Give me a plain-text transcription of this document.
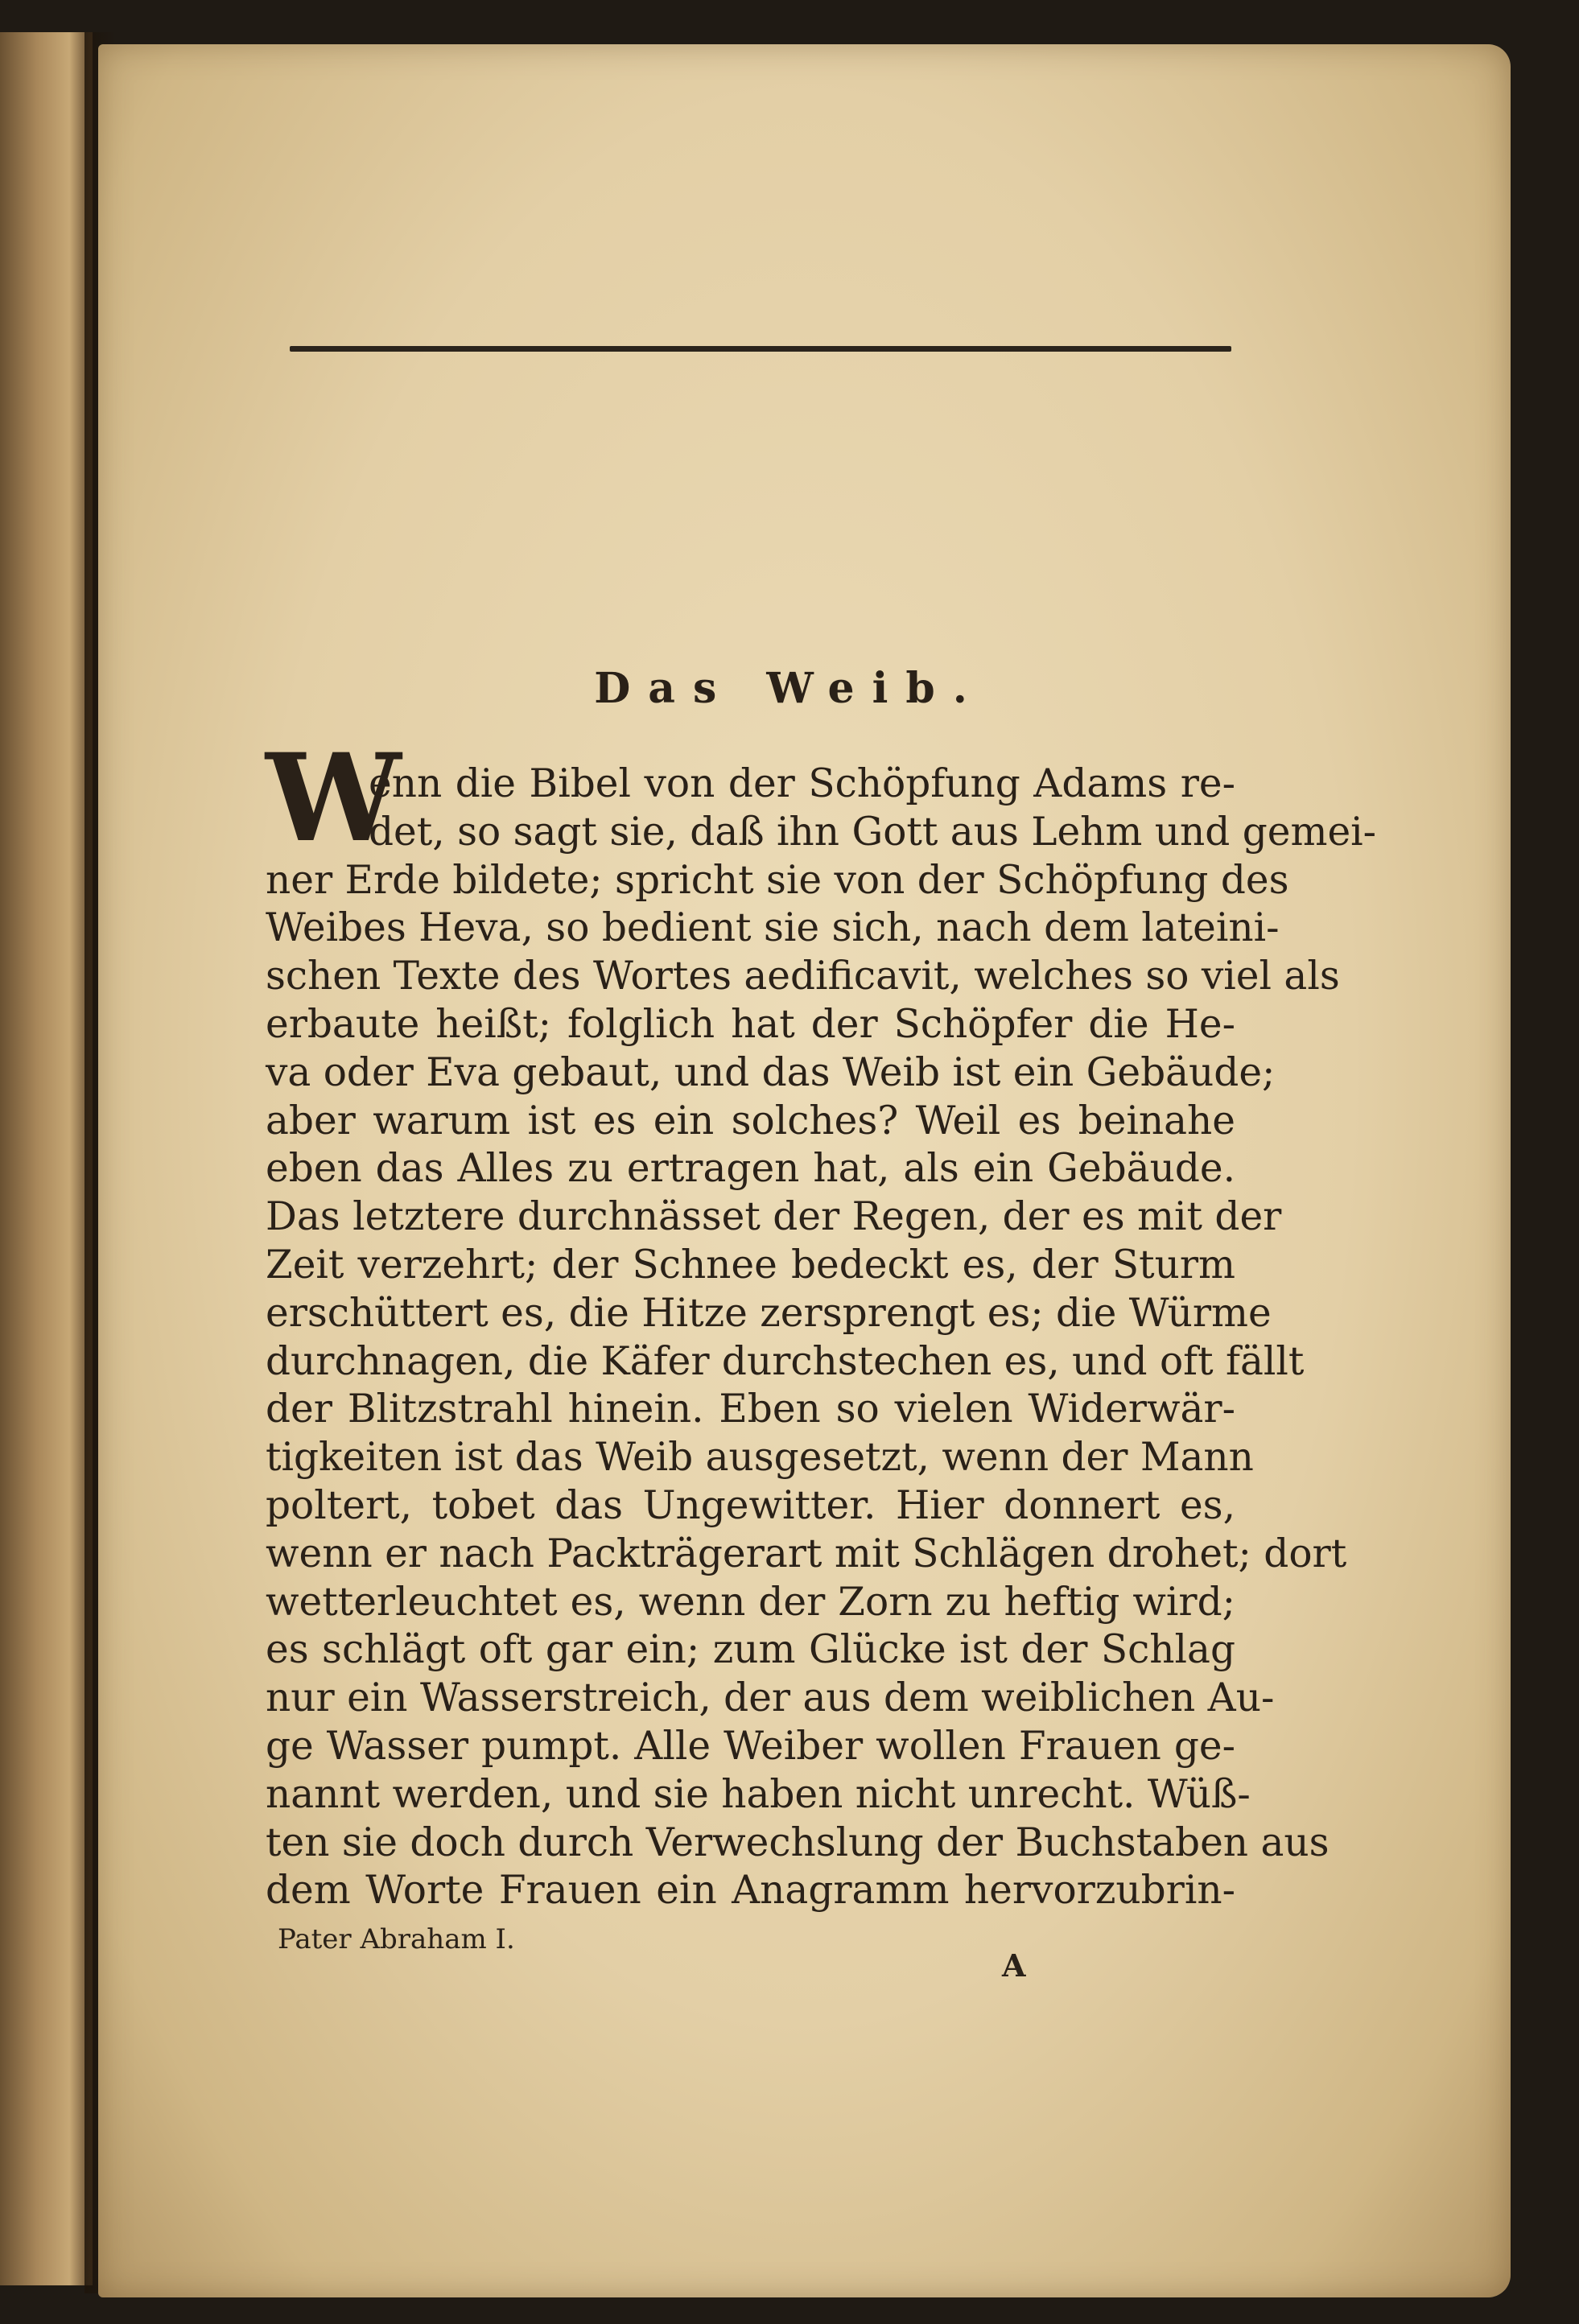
Das Weib.
W
enn die Bibel von der Schöpfung Adams re-
det, so sagt sie, daß ihn Gott aus Lehm und gemei-
ner Erde bildete; spricht sie von der Schöpfung des
Weibes Heva, so bedient sie sich, nach dem lateini-
schen Texte des Wortes aedificavit, welches so viel als
erbaute heißt; folglich hat der Schöpfer die He-
va oder Eva gebaut, und das Weib ist ein Gebäude;
aber warum ist es ein solches? Weil es beinahe
eben das Alles zu ertragen hat, als ein Gebäude.
Das letztere durchnässet der Regen, der es mit der
Zeit verzehrt; der Schnee bedeckt es, der Sturm
erschüttert es, die Hitze zersprengt es; die Würme
durchnagen, die Käfer durchstechen es, und oft fällt
der Blitzstrahl hinein. Eben so vielen Widerwär-
tigkeiten ist das Weib ausgesetzt, wenn der Mann
poltert, tobet das Ungewitter. Hier donnert es,
wenn er nach Packträgerart mit Schlägen drohet; dort
wetterleuchtet es, wenn der Zorn zu heftig wird;
es schlägt oft gar ein; zum Glücke ist der Schlag
nur ein Wasserstreich, der aus dem weiblichen Au-
ge Wasser pumpt. Alle Weiber wollen Frauen ge-
nannt werden, und sie haben nicht unrecht. Wüß-
ten sie doch durch Verwechslung der Buchstaben aus
dem Worte Frauen ein Anagramm hervorzubrin-
Pater Abraham I.
A
